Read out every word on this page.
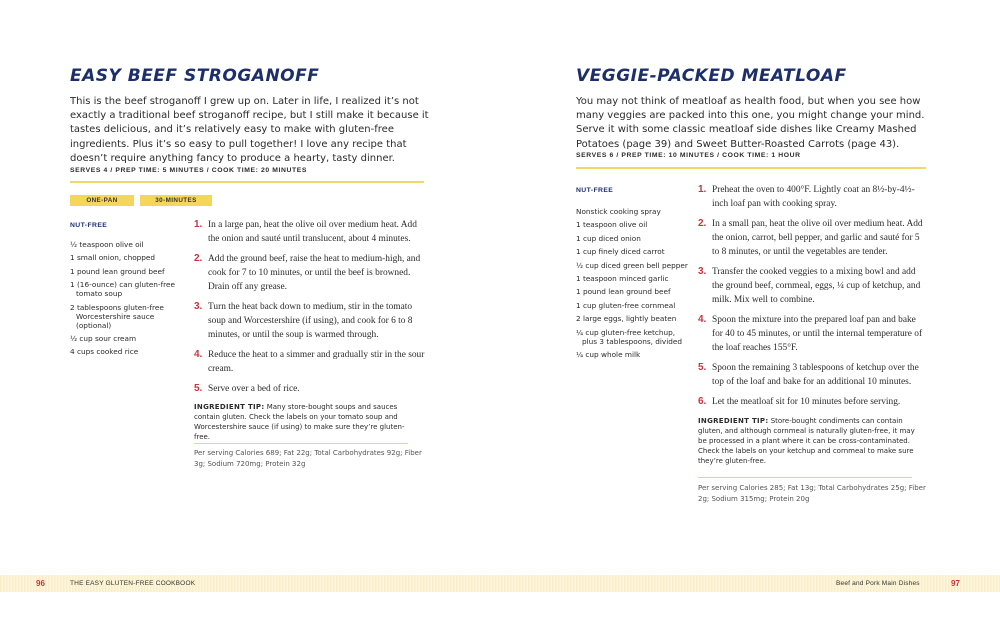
EASY BEEF STROGANOFF
This is the beef stroganoff I grew up on. Later in life, I realized it’s not exactly a traditional beef stroganoff recipe, but I still make it because it tastes delicious, and it’s relatively easy to make with gluten-free ingredients. Plus it’s so easy to pull together! I love any recipe that doesn’t require anything fancy to produce a hearty, tasty dinner.
SERVES 4 / PREP TIME: 5 MINUTES / COOK TIME: 20 MINUTES
ONE-PAN	30-MINUTES
NUT-FREE
½ teaspoon olive oil
1 small onion, chopped
1 pound lean ground beef
1 (16-ounce) can gluten-free tomato soup
2 tablespoons gluten-free Worcestershire sauce (optional)
½ cup sour cream
4 cups cooked rice
1. In a large pan, heat the olive oil over medium heat. Add the onion and sauté until translucent, about 4 minutes.
2. Add the ground beef, raise the heat to medium-high, and cook for 7 to 10 minutes, or until the beef is browned. Drain off any grease.
3. Turn the heat back down to medium, stir in the tomato soup and Worcestershire (if using), and cook for 6 to 8 minutes, or until the soup is warmed through.
4. Reduce the heat to a simmer and gradually stir in the sour cream.
5. Serve over a bed of rice.
INGREDIENT TIP: Many store-bought soups and sauces contain gluten. Check the labels on your tomato soup and Worcestershire sauce (if using) to make sure they’re gluten-free.
Per serving Calories 689; Fat 22g; Total Carbohydrates 92g; Fiber 3g; Sodium 720mg; Protein 32g
VEGGIE-PACKED MEATLOAF
You may not think of meatloaf as health food, but when you see how many veggies are packed into this one, you might change your mind. Serve it with some classic meatloaf side dishes like Creamy Mashed Potatoes (page 39) and Sweet Butter-Roasted Carrots (page 43).
SERVES 6 / PREP TIME: 10 MINUTES / COOK TIME: 1 HOUR
NUT-FREE
Nonstick cooking spray
1 teaspoon olive oil
1 cup diced onion
1 cup finely diced carrot
½ cup diced green bell pepper
1 teaspoon minced garlic
1 pound lean ground beef
1 cup gluten-free cornmeal
2 large eggs, lightly beaten
¼ cup gluten-free ketchup, plus 3 tablespoons, divided
¼ cup whole milk
1. Preheat the oven to 400°F. Lightly coat an 8½-by-4½-inch loaf pan with cooking spray.
2. In a small pan, heat the olive oil over medium heat. Add the onion, carrot, bell pepper, and garlic and sauté for 5 to 8 minutes, or until the vegetables are tender.
3. Transfer the cooked veggies to a mixing bowl and add the ground beef, cornmeal, eggs, ¼ cup of ketchup, and milk. Mix well to combine.
4. Spoon the mixture into the prepared loaf pan and bake for 40 to 45 minutes, or until the internal temperature of the loaf reaches 155°F.
5. Spoon the remaining 3 tablespoons of ketchup over the top of the loaf and bake for an additional 10 minutes.
6. Let the meatloaf sit for 10 minutes before serving.
INGREDIENT TIP: Store-bought condiments can contain gluten, and although cornmeal is naturally gluten-free, it may be processed in a plant where it can be cross-contaminated. Check the labels on your ketchup and cornmeal to make sure they’re gluten-free.
Per serving Calories 285; Fat 13g; Total Carbohydrates 25g; Fiber 2g; Sodium 315mg; Protein 20g
96	THE EASY GLUTEN-FREE COOKBOOK	Beef and Pork Main Dishes	97
